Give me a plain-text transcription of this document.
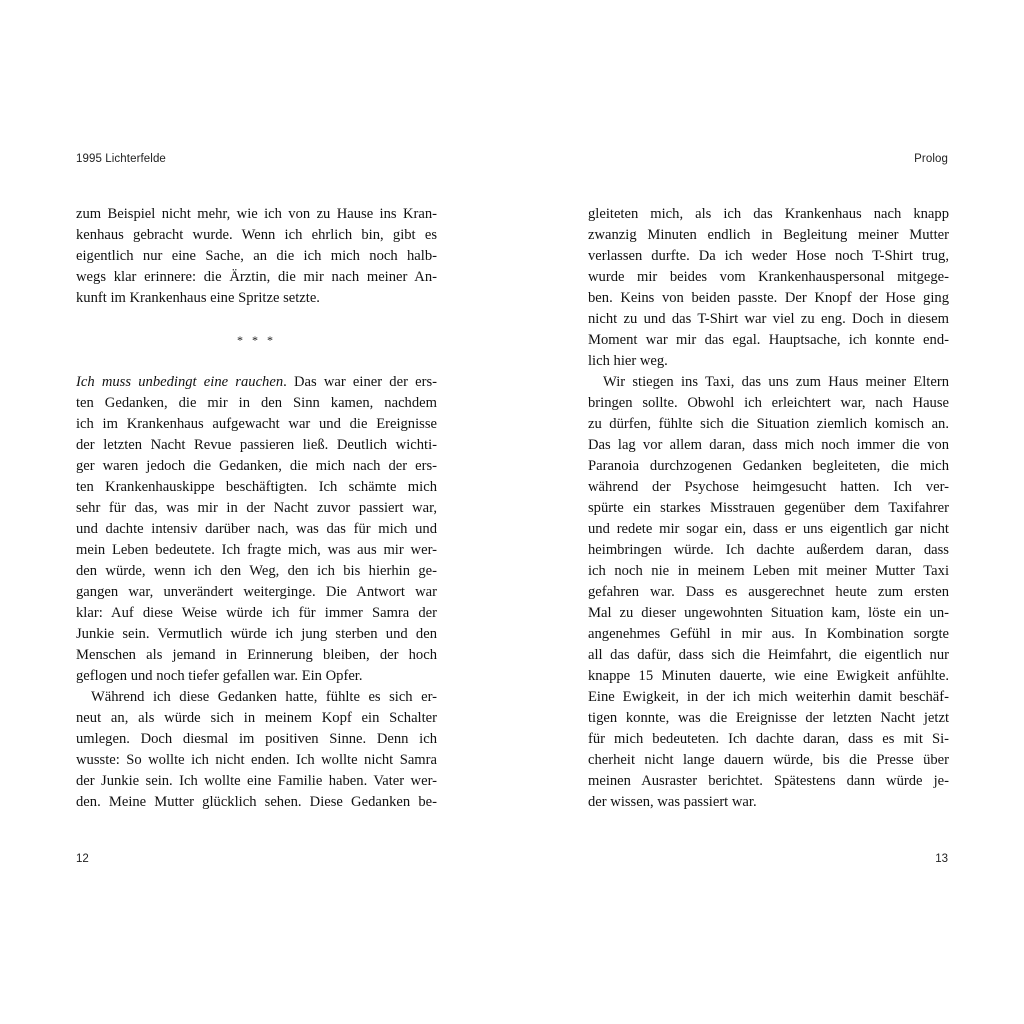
1995 Lichterfelde
zum Beispiel nicht mehr, wie ich von zu Hause ins Kran-
kenhaus gebracht wurde. Wenn ich ehrlich bin, gibt es
eigentlich nur eine Sache, an die ich mich noch halb-
wegs klar erinnere: die Ärztin, die mir nach meiner An-
kunft im Krankenhaus eine Spritze setzte.
* * *
Ich muss unbedingt eine rauchen. Das war einer der ers-
ten Gedanken, die mir in den Sinn kamen, nachdem
ich im Krankenhaus aufgewacht war und die Ereignisse
der letzten Nacht Revue passieren ließ. Deutlich wichti-
ger waren jedoch die Gedanken, die mich nach der ers-
ten Krankenhauskippe beschäftigten. Ich schämte mich
sehr für das, was mir in der Nacht zuvor passiert war,
und dachte intensiv darüber nach, was das für mich und
mein Leben bedeutete. Ich fragte mich, was aus mir wer-
den würde, wenn ich den Weg, den ich bis hierhin ge-
gangen war, unverändert weiterginge. Die Antwort war
klar: Auf diese Weise würde ich für immer Samra der
Junkie sein. Vermutlich würde ich jung sterben und den
Menschen als jemand in Erinnerung bleiben, der hoch
geflogen und noch tiefer gefallen war. Ein Opfer.
Während ich diese Gedanken hatte, fühlte es sich er-
neut an, als würde sich in meinem Kopf ein Schalter
umlegen. Doch diesmal im positiven Sinne. Denn ich
wusste: So wollte ich nicht enden. Ich wollte nicht Samra
der Junkie sein. Ich wollte eine Familie haben. Vater wer-
den. Meine Mutter glücklich sehen. Diese Gedanken be-
12
Prolog
gleiteten mich, als ich das Krankenhaus nach knapp
zwanzig Minuten endlich in Begleitung meiner Mutter
verlassen durfte. Da ich weder Hose noch T-Shirt trug,
wurde mir beides vom Krankenhauspersonal mitgege-
ben. Keins von beiden passte. Der Knopf der Hose ging
nicht zu und das T-Shirt war viel zu eng. Doch in diesem
Moment war mir das egal. Hauptsache, ich konnte end-
lich hier weg.
Wir stiegen ins Taxi, das uns zum Haus meiner Eltern
bringen sollte. Obwohl ich erleichtert war, nach Hause
zu dürfen, fühlte sich die Situation ziemlich komisch an.
Das lag vor allem daran, dass mich noch immer die von
Paranoia durchzogenen Gedanken begleiteten, die mich
während der Psychose heimgesucht hatten. Ich ver-
spürte ein starkes Misstrauen gegenüber dem Taxifahrer
und redete mir sogar ein, dass er uns eigentlich gar nicht
heimbringen würde. Ich dachte außerdem daran, dass
ich noch nie in meinem Leben mit meiner Mutter Taxi
gefahren war. Dass es ausgerechnet heute zum ersten
Mal zu dieser ungewohnten Situation kam, löste ein un-
angenehmes Gefühl in mir aus. In Kombination sorgte
all das dafür, dass sich die Heimfahrt, die eigentlich nur
knappe 15 Minuten dauerte, wie eine Ewigkeit anfühlte.
Eine Ewigkeit, in der ich mich weiterhin damit beschäf-
tigen konnte, was die Ereignisse der letzten Nacht jetzt
für mich bedeuteten. Ich dachte daran, dass es mit Si-
cherheit nicht lange dauern würde, bis die Presse über
meinen Ausraster berichtet. Spätestens dann würde je-
der wissen, was passiert war.
13
